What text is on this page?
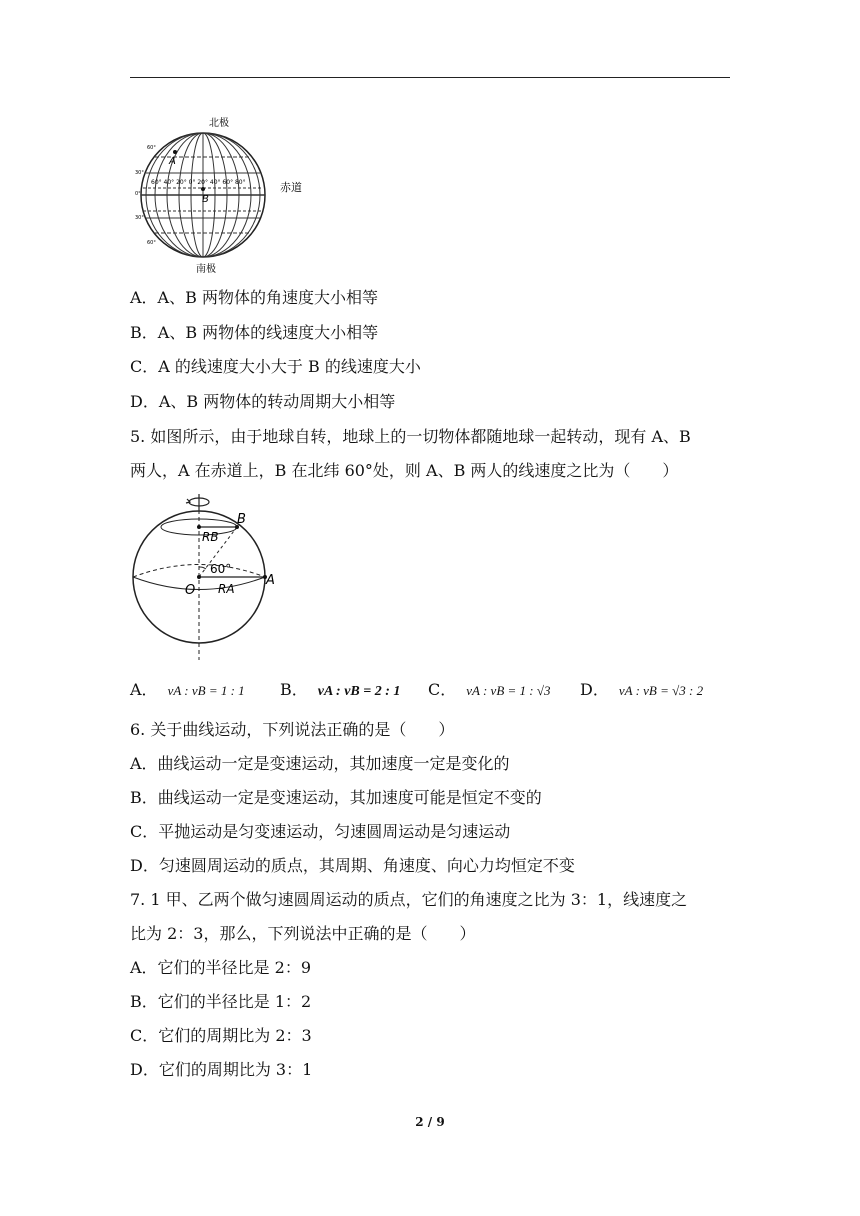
北极
60°
30°
0°
30°
60°
60° 40° 20° 0° 20° 40° 60° 80°
A
B
赤道
南极
A．A、B 两物体的角速度大小相等
B．A、B 两物体的线速度大小相等
C．A 的线速度大小大于 B 的线速度大小
D．A、B 两物体的转动周期大小相等
5. 如图所示，由于地球自转，地球上的一切物体都随地球一起转动，现有 A、B
两人，A 在赤道上，B 在北纬 60°处，则 A、B 两人的线速度之比为（　　）
B
RB
60°
O RA
A
A． vA : vB = 1 : 1 B． vA : vB = 2 : 1 C． vA : vB = 1 : √3 D． vA : vB = √3 : 2
6. 关于曲线运动，下列说法正确的是（　　）
A．曲线运动一定是变速运动，其加速度一定是变化的
B．曲线运动一定是变速运动，其加速度可能是恒定不变的
C．平抛运动是匀变速运动，匀速圆周运动是匀速运动
D．匀速圆周运动的质点，其周期、角速度、向心力均恒定不变
7. 1 甲、乙两个做匀速圆周运动的质点，它们的角速度之比为 3：1，线速度之
比为 2：3，那么，下列说法中正确的是（　　）
A．它们的半径比是 2：9
B．它们的半径比是 1：2
C．它们的周期比为 2：3
D．它们的周期比为 3：1
2 / 9
